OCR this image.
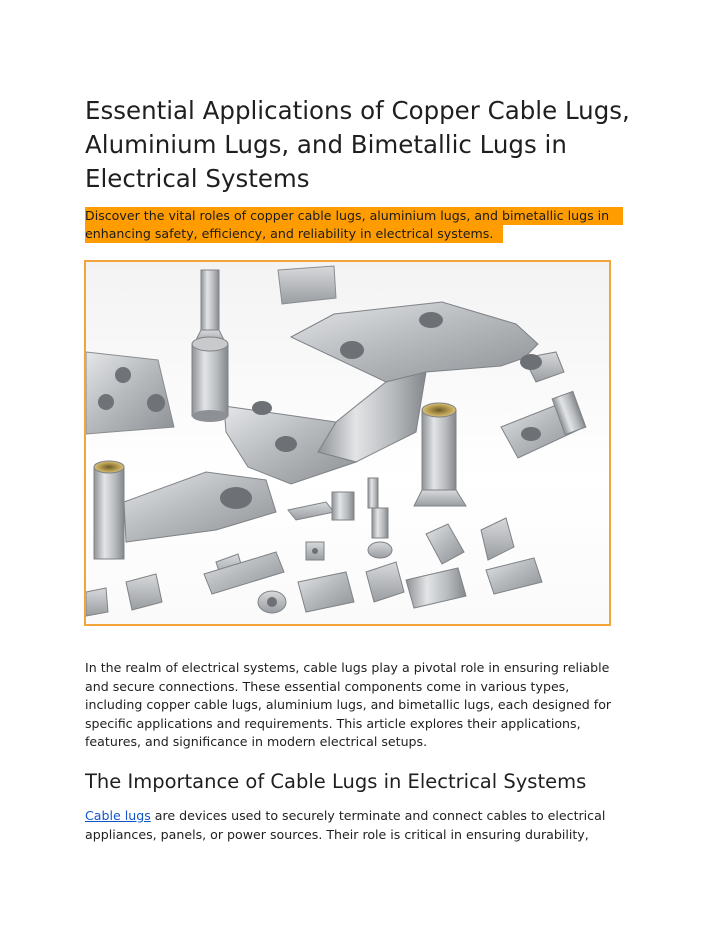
Essential Applications of Copper Cable Lugs,
Aluminium Lugs, and Bimetallic Lugs in
Electrical Systems
Discover the vital roles of copper cable lugs, aluminium lugs, and bimetallic lugs in
enhancing safety, efficiency, and reliability in electrical systems.
In the realm of electrical systems, cable lugs play a pivotal role in ensuring reliable
and secure connections. These essential components come in various types,
including copper cable lugs, aluminium lugs, and bimetallic lugs, each designed for
specific applications and requirements. This article explores their applications,
features, and significance in modern electrical setups.
The Importance of Cable Lugs in Electrical Systems
Cable lugs are devices used to securely terminate and connect cables to electrical
appliances, panels, or power sources. Their role is critical in ensuring durability,
